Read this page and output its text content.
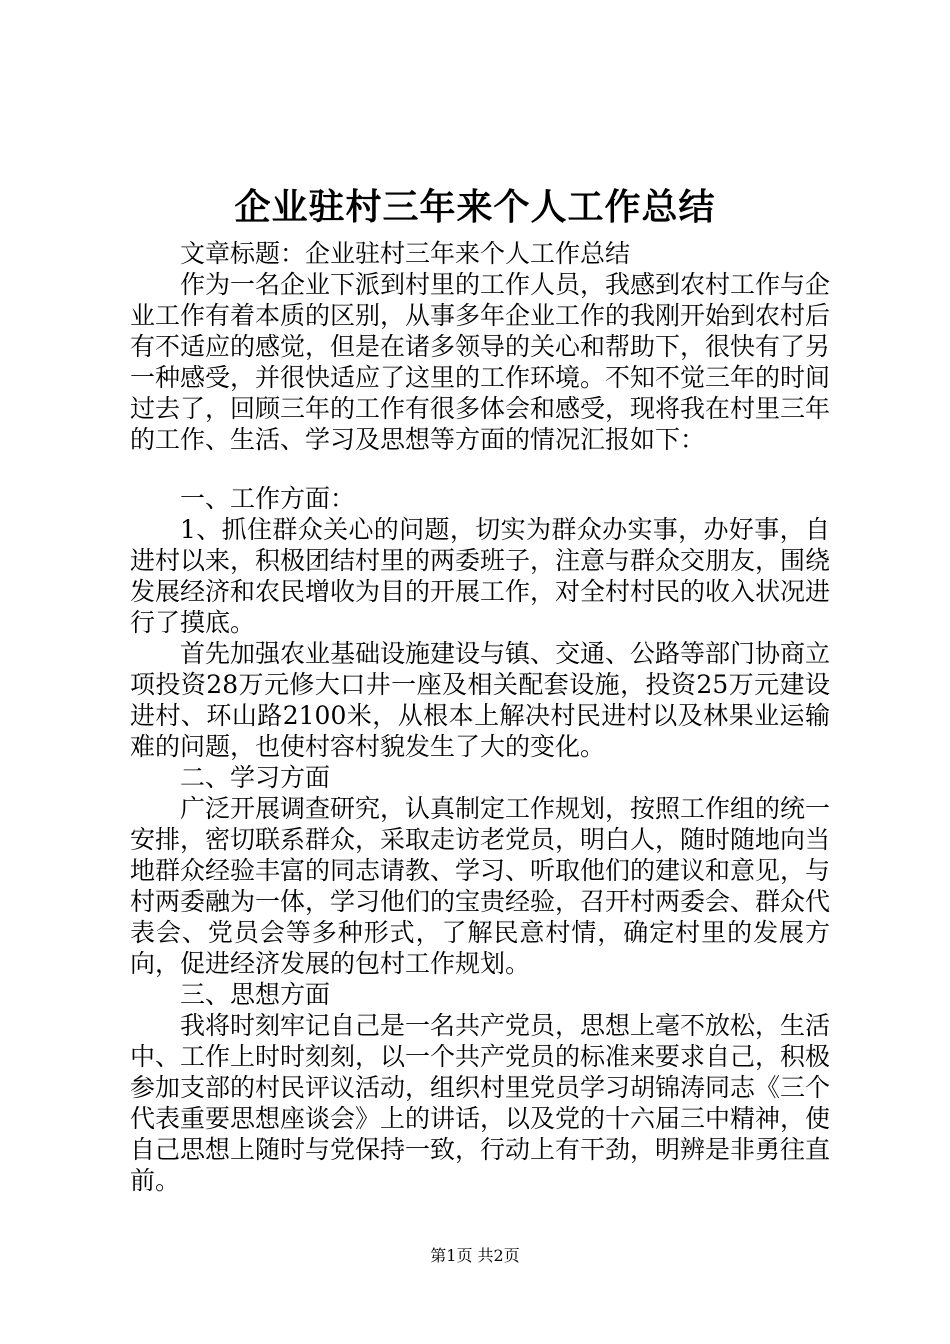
企业驻村三年来个人工作总结

文章标题：企业驻村三年来个人工作总结

作为一名企业下派到村里的工作人员，我感到农村工作与企业工作有着本质的区别，从事多年企业工作的我刚开始到农村后有不适应的感觉，但是在诸多领导的关心和帮助下，很快有了另一种感受，并很快适应了这里的工作环境。不知不觉三年的时间过去了，回顾三年的工作有很多体会和感受，现将我在村里三年的工作、生活、学习及思想等方面的情况汇报如下：

一、工作方面：

1、抓住群众关心的问题，切实为群众办实事，办好事，自进村以来，积极团结村里的两委班子，注意与群众交朋友，围绕发展经济和农民增收为目的开展工作，对全村村民的收入状况进行了摸底。

首先加强农业基础设施建设与镇、交通、公路等部门协商立项投资28万元修大口井一座及相关配套设施，投资25万元建设进村、环山路2100米，从根本上解决村民进村以及林果业运输难的问题，也使村容村貌发生了大的变化。

二、学习方面

广泛开展调查研究，认真制定工作规划，按照工作组的统一安排，密切联系群众，采取走访老党员，明白人，随时随地向当地群众经验丰富的同志请教、学习、听取他们的建议和意见，与村两委融为一体，学习他们的宝贵经验，召开村两委会、群众代表会、党员会等多种形式，了解民意村情，确定村里的发展方向，促进经济发展的包村工作规划。

三、思想方面

我将时刻牢记自己是一名共产党员，思想上毫不放松，生活中、工作上时时刻刻，以一个共产党员的标准来要求自己，积极参加支部的村民评议活动，组织村里党员学习胡锦涛同志《三个代表重要思想座谈会》上的讲话，以及党的十六届三中精神，使自己思想上随时与党保持一致，行动上有干劲，明辨是非勇往直前。

第1页 共2页
